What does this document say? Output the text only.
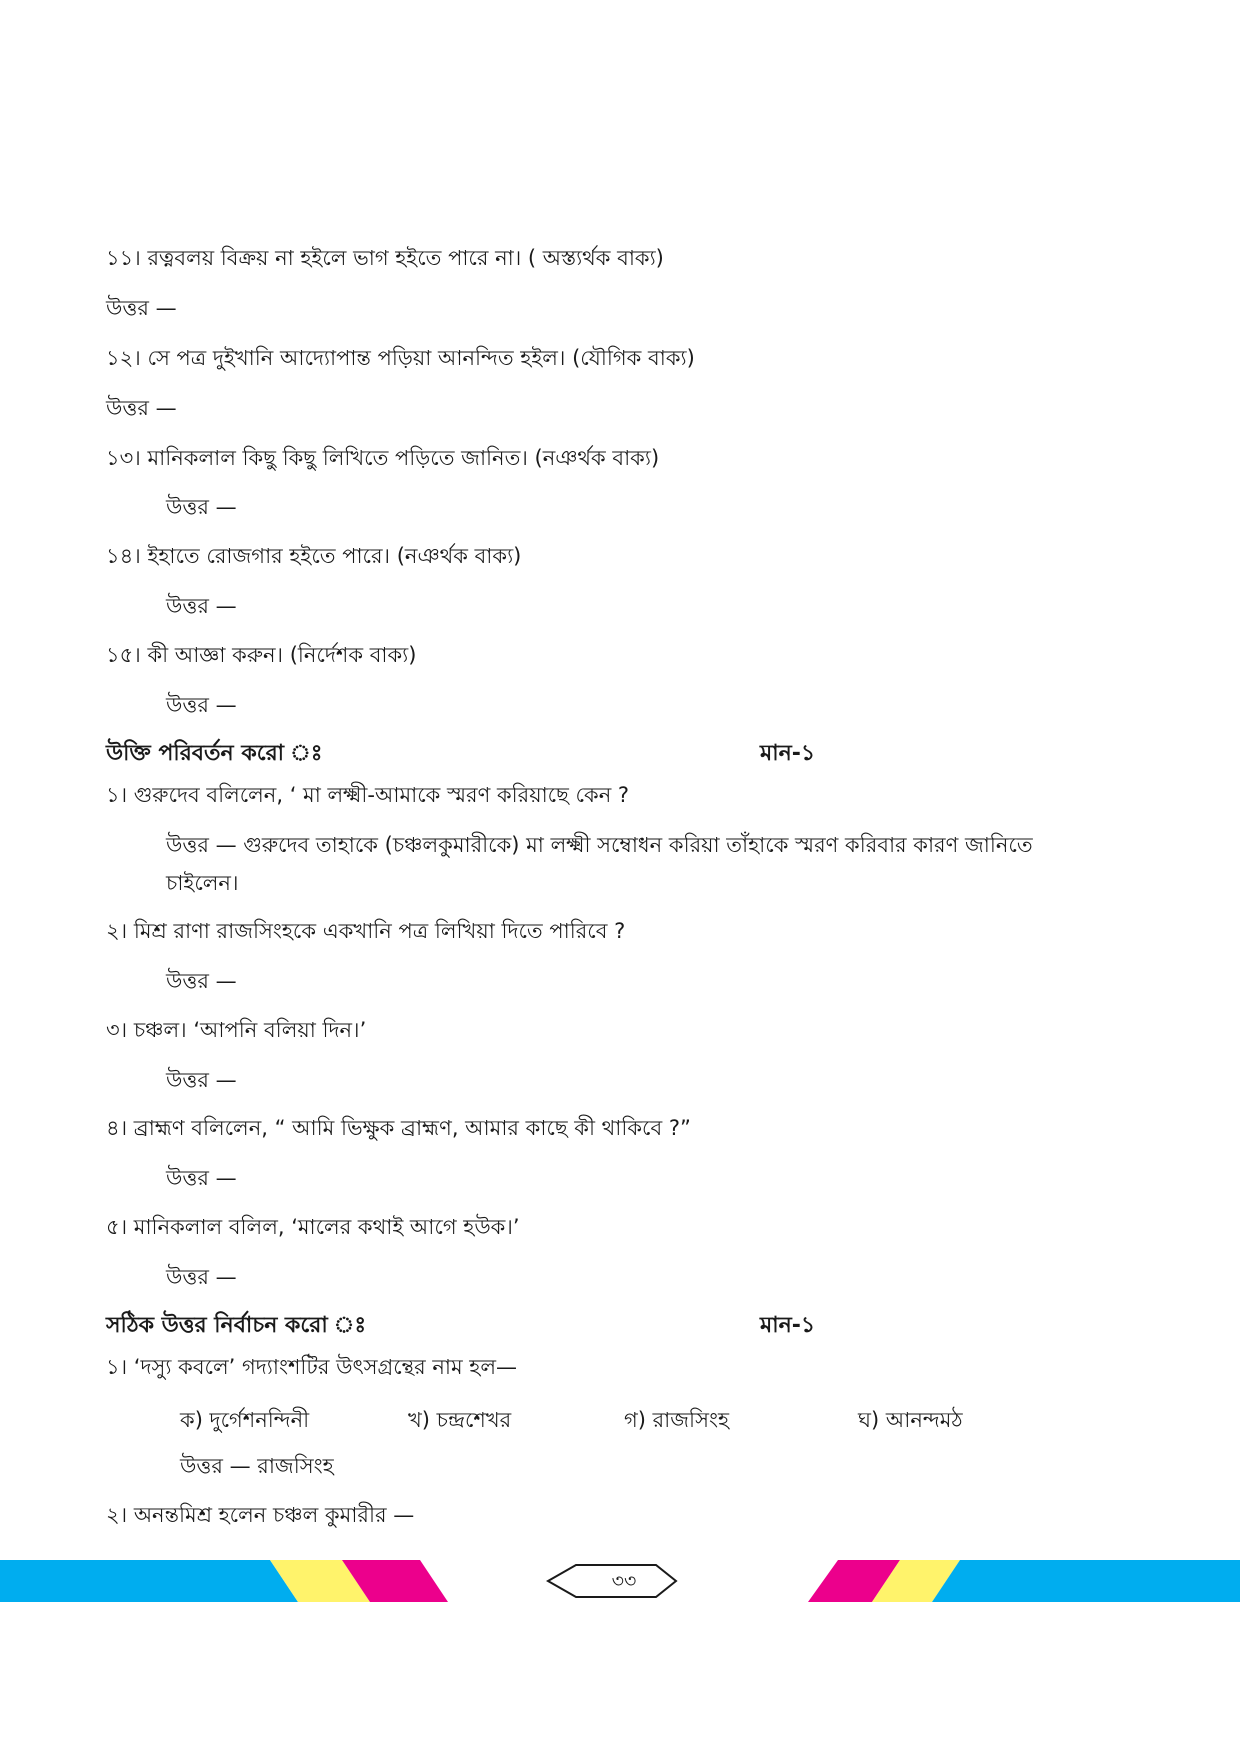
১১। রত্নবলয় বিক্রয় না হইলে ভাগ হইতে পারে না। ( অস্ত্যর্থক বাক্য)
উত্তর —
১২। সে পত্র দুইখানি আদ্যোপান্ত পড়িয়া আনন্দিত হইল। (যৌগিক বাক্য)
উত্তর —
১৩। মানিকলাল কিছু কিছু লিখিতে পড়িতে জানিত। (নঞর্থক বাক্য)
উত্তর —
১৪। ইহাতে রোজগার হইতে পারে। (নঞর্থক বাক্য)
উত্তর —
১৫। কী আজ্ঞা করুন। (নির্দেশক বাক্য)
উত্তর —
উক্তি পরিবর্তন করো ঃ	মান-১
১। গুরুদেব বলিলেন, ‘ মা লক্ষ্মী-আমাকে স্মরণ করিয়াছে কেন ?
উত্তর — গুরুদেব তাহাকে (চঞ্চলকুমারীকে) মা লক্ষ্মী সম্বোধন করিয়া তাঁহাকে স্মরণ করিবার কারণ জানিতে
চাইলেন।
২। মিশ্র রাণা রাজসিংহকে একখানি পত্র লিখিয়া দিতে পারিবে ?
উত্তর —
৩। চঞ্চল। ‘আপনি বলিয়া দিন।’
উত্তর —
৪। ব্রাহ্মণ বলিলেন, “ আমি ভিক্ষুক ব্রাহ্মণ, আমার কাছে কী থাকিবে ?”
উত্তর —
৫। মানিকলাল বলিল, ‘মালের কথাই আগে হউক।’
উত্তর —
সঠিক উত্তর নির্বাচন করো ঃ	মান-১
১। ‘দস্যু কবলে’ গদ্যাংশটির উৎসগ্রন্থের নাম হল—
ক) দুর্গেশনন্দিনী	খ) চন্দ্রশেখর	গ) রাজসিংহ	ঘ) আনন্দমঠ
উত্তর — রাজসিংহ
২। অনন্তমিশ্র হলেন চঞ্চল কুমারীর —
৩৩
